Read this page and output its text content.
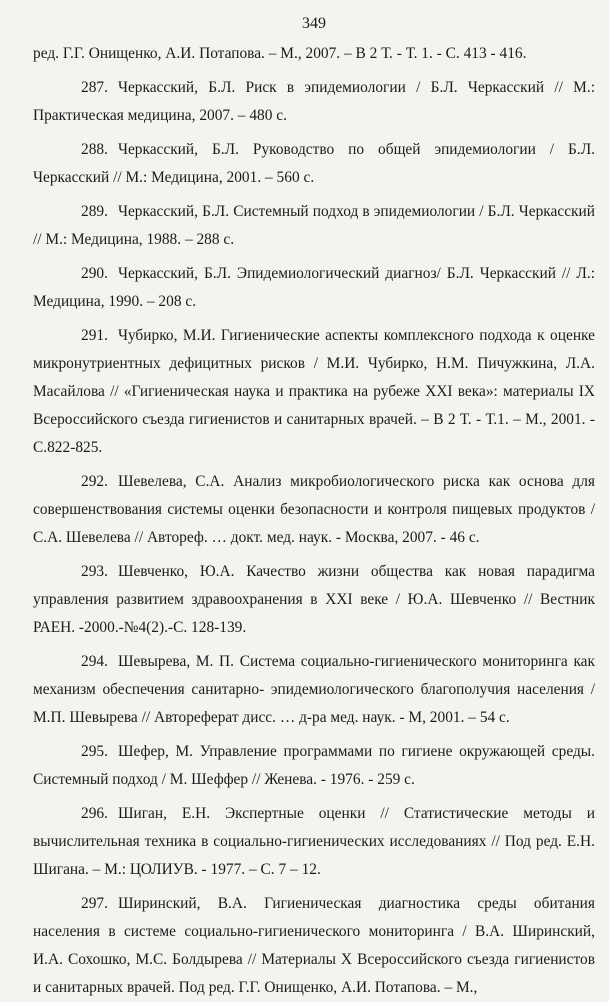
349

ред. Г.Г. Онищенко, А.И. Потапова. – М., 2007. – В 2 Т. - Т. 1. - С. 413 - 416.

287. Черкасский, Б.Л. Риск в эпидемиологии / Б.Л. Черкасский // М.: Практическая медицина, 2007. – 480 с.

288. Черкасский, Б.Л. Руководство по общей эпидемиологии / Б.Л. Черкасский // М.: Медицина, 2001. – 560 с.

289. Черкасский, Б.Л. Системный подход в эпидемиологии / Б.Л. Черкасский // М.: Медицина, 1988. – 288 с.

290. Черкасский, Б.Л. Эпидемиологический диагноз/ Б.Л. Черкасский // Л.: Медицина, 1990. – 208 с.

291. Чубирко, М.И. Гигиенические аспекты комплексного подхода к оценке микронутриентных дефицитных рисков / М.И. Чубирко, Н.М. Пичужкина, Л.А. Масайлова // «Гигиеническая наука и практика на рубеже XXI века»: материалы IX Всероссийского съезда гигиенистов и санитарных врачей. – В 2 Т. - Т.1. – М., 2001. - С.822-825.

292. Шевелева, С.А. Анализ микробиологического риска как основа для совершенствования системы оценки безопасности и контроля пищевых продуктов / С.А. Шевелева // Автореф. … докт. мед. наук. - Москва, 2007. - 46 с.

293. Шевченко, Ю.А. Качество жизни общества как новая парадигма управления развитием здравоохранения в XXI веке / Ю.А. Шевченко // Вестник РАЕН. -2000.-№4(2).-С. 128-139.

294. Шевырева, М. П. Система социально-гигиенического мониторинга как механизм обеспечения санитарно- эпидемиологического благополучия населения /М.П. Шевырева // Автореферат дисс. … д-ра мед. наук. - М, 2001. – 54 с.

295. Шефер, М. Управление программами по гигиене окружающей среды. Системный подход / М. Шеффер // Женева. - 1976. - 259 с.

296. Шиган, Е.Н. Экспертные оценки // Статистические методы и вычислительная техника в социально-гигиенических исследованиях // Под ред. Е.Н. Шигана. – М.: ЦОЛИУВ. - 1977. – С. 7 – 12.

297. Ширинский, В.А. Гигиеническая диагностика среды обитания населения в системе социально-гигиенического мониторинга / В.А. Ширинский, И.А. Сохошко, М.С. Болдырева // Материалы X Всероссийского съезда гигиенистов и санитарных врачей. Под ред. Г.Г. Онищенко, А.И. Потапова. – М.,
